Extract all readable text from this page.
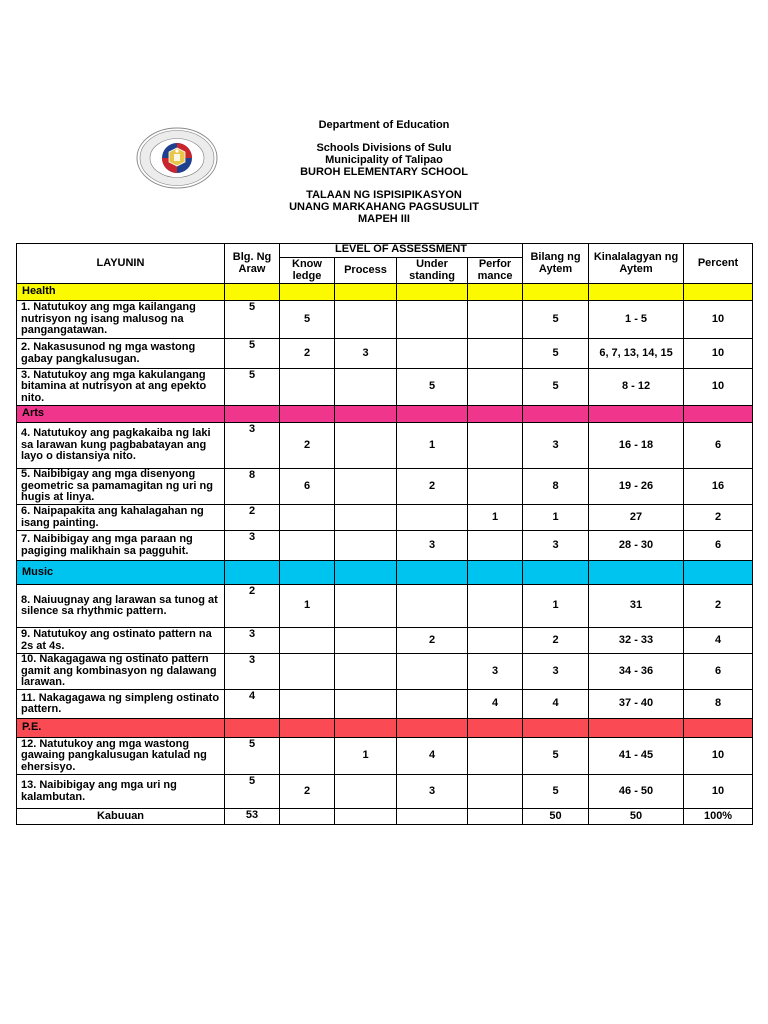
Department of Education
Schools Divisions of Sulu
Municipality of Talipao
BUROH ELEMENTARY SCHOOL
TALAAN NG ISPISIPIKASYON
UNANG MARKAHANG PAGSUSULIT
MAPEH III
LAYUNIN	Blg. Ng Araw	LEVEL OF ASSESSMENT				Bilang ng Aytem	Kinalalagyan ng Aytem	Percent
		Know ledge	Process	Under standing	Perfor mance			
Health								
1. Natutukoy ang mga kailangang nutrisyon ng isang malusog na pangangatawan.	5	5				5	1 - 5	10
2. Nakasusunod ng mga wastong gabay pangkalusugan.	5	2	3			5	6, 7, 13, 14, 15	10
3. Natutukoy ang mga kakulangang bitamina at nutrisyon at ang epekto nito.	5			5		5	8 - 12	10
Arts								
4. Natutukoy ang pagkakaiba ng laki sa larawan kung pagbabatayan ang layo o distansiya nito.	3	2		1		3	16 - 18	6
5. Naibibigay ang mga disenyong geometric sa pamamagitan ng uri ng hugis at linya.	8	6		2		8	19 - 26	16
6. Naipapakita ang kahalagahan ng isang painting.	2				1	1	27	2
7. Naibibigay ang mga paraan ng pagiging malikhain sa pagguhit.	3			3		3	28 - 30	6
Music								
8. Naiuugnay ang larawan sa tunog at silence sa rhythmic pattern.	2	1				1	31	2
9. Natutukoy ang ostinato pattern na 2s at 4s.	3			2		2	32 - 33	4
10. Nakagagawa ng ostinato pattern gamit ang kombinasyon ng dalawang larawan.	3				3	3	34 - 36	6
11. Nakagagawa ng simpleng ostinato pattern.	4				4	4	37 - 40	8
P.E.								
12. Natutukoy ang mga wastong gawaing pangkalusugan katulad ng ehersisyo.	5		1	4		5	41 - 45	10
13. Naibibigay ang mga uri ng kalambutan.	5	2		3		5	46 - 50	10
Kabuuan	53					50	50	100%
